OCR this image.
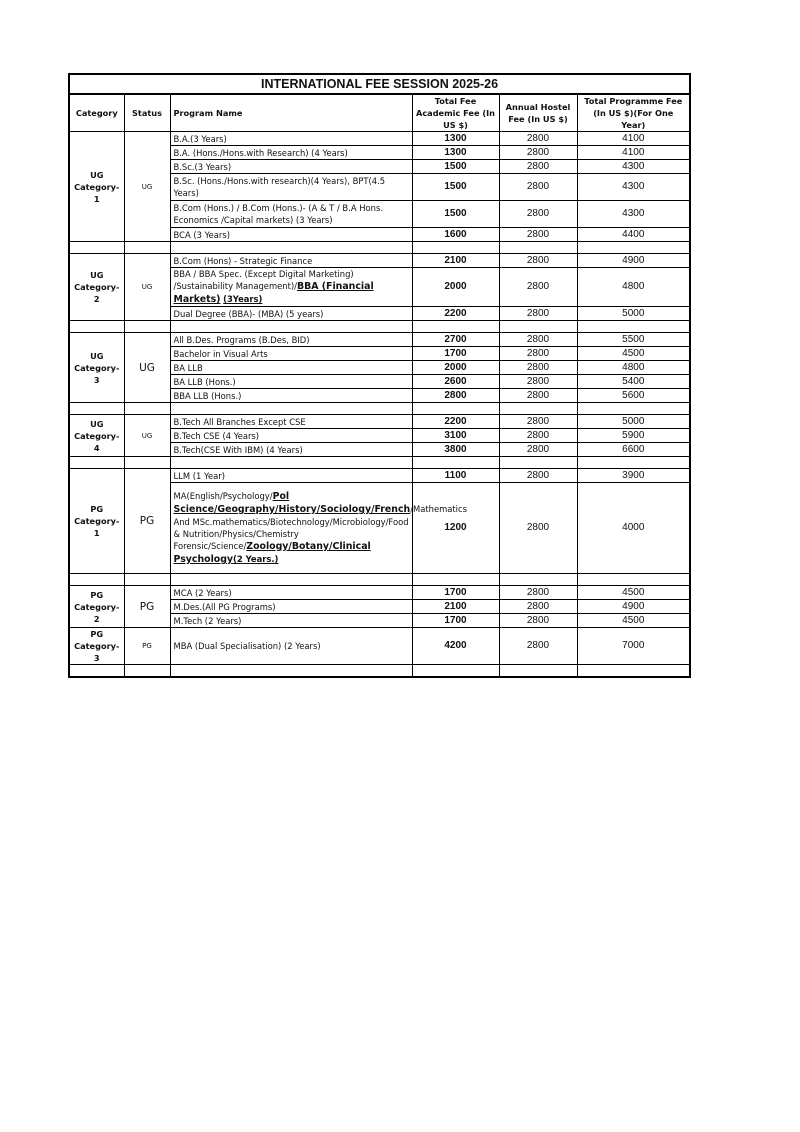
INTERNATIONAL FEE SESSION 2025-26					
Category	Status	Program Name	Total Fee Academic Fee (In US $)	Annual Hostel Fee (In US $)	Total Programme Fee (In US $)(For One Year)
UG Category-1	UG	B.A.(3 Years)	1300	2800	4100
		B.A. (Hons./Hons.with Research) (4 Years)	1300	2800	4100
		B.Sc.(3 Years)	1500	2800	4300
		B.Sc. (Hons./Hons.with research)(4 Years), BPT(4.5 Years)	1500	2800	4300
		B.Com (Hons.) / B.Com (Hons.)- (A & T / B.A Hons. Economics /Capital markets) (3 Years)	1500	2800	4300
		BCA (3 Years)	1600	2800	4400

UG Category-2	UG	B.Com (Hons) - Strategic Finance	2100	2800	4900
		BBA / BBA Spec. (Except Digital Marketing) /Sustainability Management)/BBA (Financial Markets) (3Years)	2000	2800	4800
		Dual Degree (BBA)- (MBA) (5 years)	2200	2800	5000

UG Category-3	UG	All B.Des. Programs (B.Des, BID)	2700	2800	5500
		Bachelor in Visual Arts	1700	2800	4500
		BA LLB	2000	2800	4800
		BA LLB (Hons.)	2600	2800	5400
		BBA LLB (Hons.)	2800	2800	5600

UG Category-4	UG	B.Tech All Branches Except CSE	2200	2800	5000
		B.Tech CSE (4 Years)	3100	2800	5900
		B.Tech(CSE With IBM) (4 Years)	3800	2800	6600

PG Category-1	PG	LLM (1 Year)	1100	2800	3900
		MA(English/Psychology/Pol Science/Geography/History/Sociology/French/Mathematics And MSc.mathematics/Biotechnology/Microbiology/Food & Nutrition/Physics/Chemistry Forensic/Science/Zoology/Botany/Clinical Psychology(2 Years.)	1200	2800	4000

PG Category-2	PG	MCA (2 Years)	1700	2800	4500
		M.Des.(All PG Programs)	2100	2800	4900
		M.Tech (2 Years)	1700	2800	4500
PG Category-3	PG	MBA (Dual Specialisation) (2 Years)	4200	2800	7000
